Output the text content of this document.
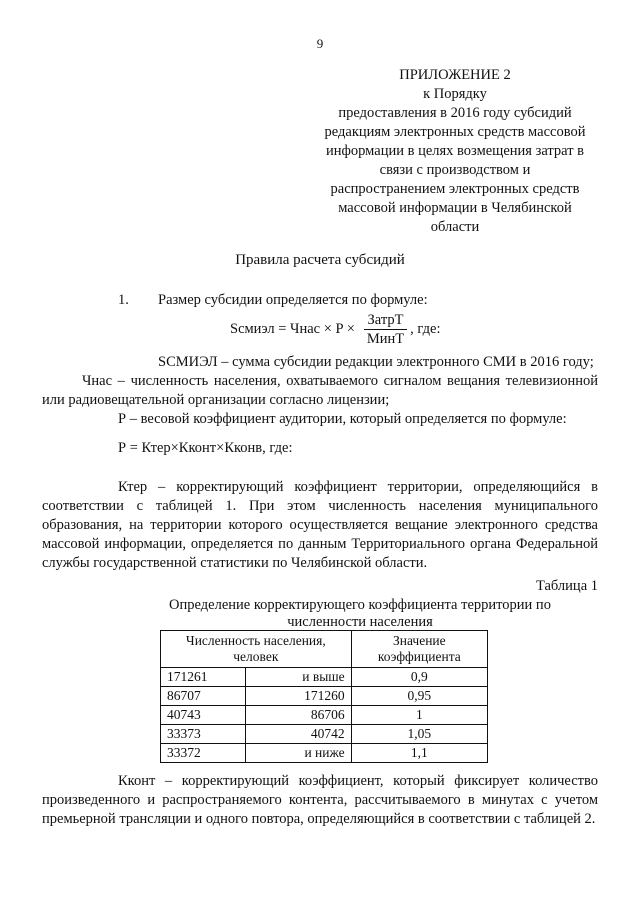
9
ПРИЛОЖЕНИЕ 2
к Порядку
предоставления в 2016 году субсидий
редакциям электронных средств массовой
информации в целях возмещения затрат в
связи с производством и
распространением электронных средств
массовой информации в Челябинской
области
Правила расчета субсидий
1. Размер субсидии определяется по формуле:
Sсмиэл = Чнас × $P \times \frac{\text{ЗатрТ}}{\text{МинТ}}$ , где:
SСМИЭЛ – сумма субсидии редакции электронного СМИ в 2016 году;
Чнас – численность населения, охватываемого сигналом вещания телевизионной или радиовещательной организации согласно лицензии;
Р – весовой коэффициент аудитории, который определяется по формуле:
Р = Ктер×Кконт×Кконв, где:
Ктер – корректирующий коэффициент территории, определяющийся в соответствии с таблицей 1. При этом численность населения муниципального образования, на территории которого осуществляется вещание электронного средства массовой информации, определяется по данным Территориального органа Федеральной службы государственной статистики по Челябинской области.
Таблица 1
Определение корректирующего коэффициента территории по численности населения
Численность населения, человек		Значение коэффициента
171261	и выше	0,9
86707	171260	0,95
40743	86706	1
33373	40742	1,05
33372	и ниже	1,1
Кконт – корректирующий коэффициент, который фиксирует количество произведенного и распространяемого контента, рассчитываемого в минутах с учетом премьерной трансляции и одного повтора, определяющийся в соответствии с таблицей 2.
